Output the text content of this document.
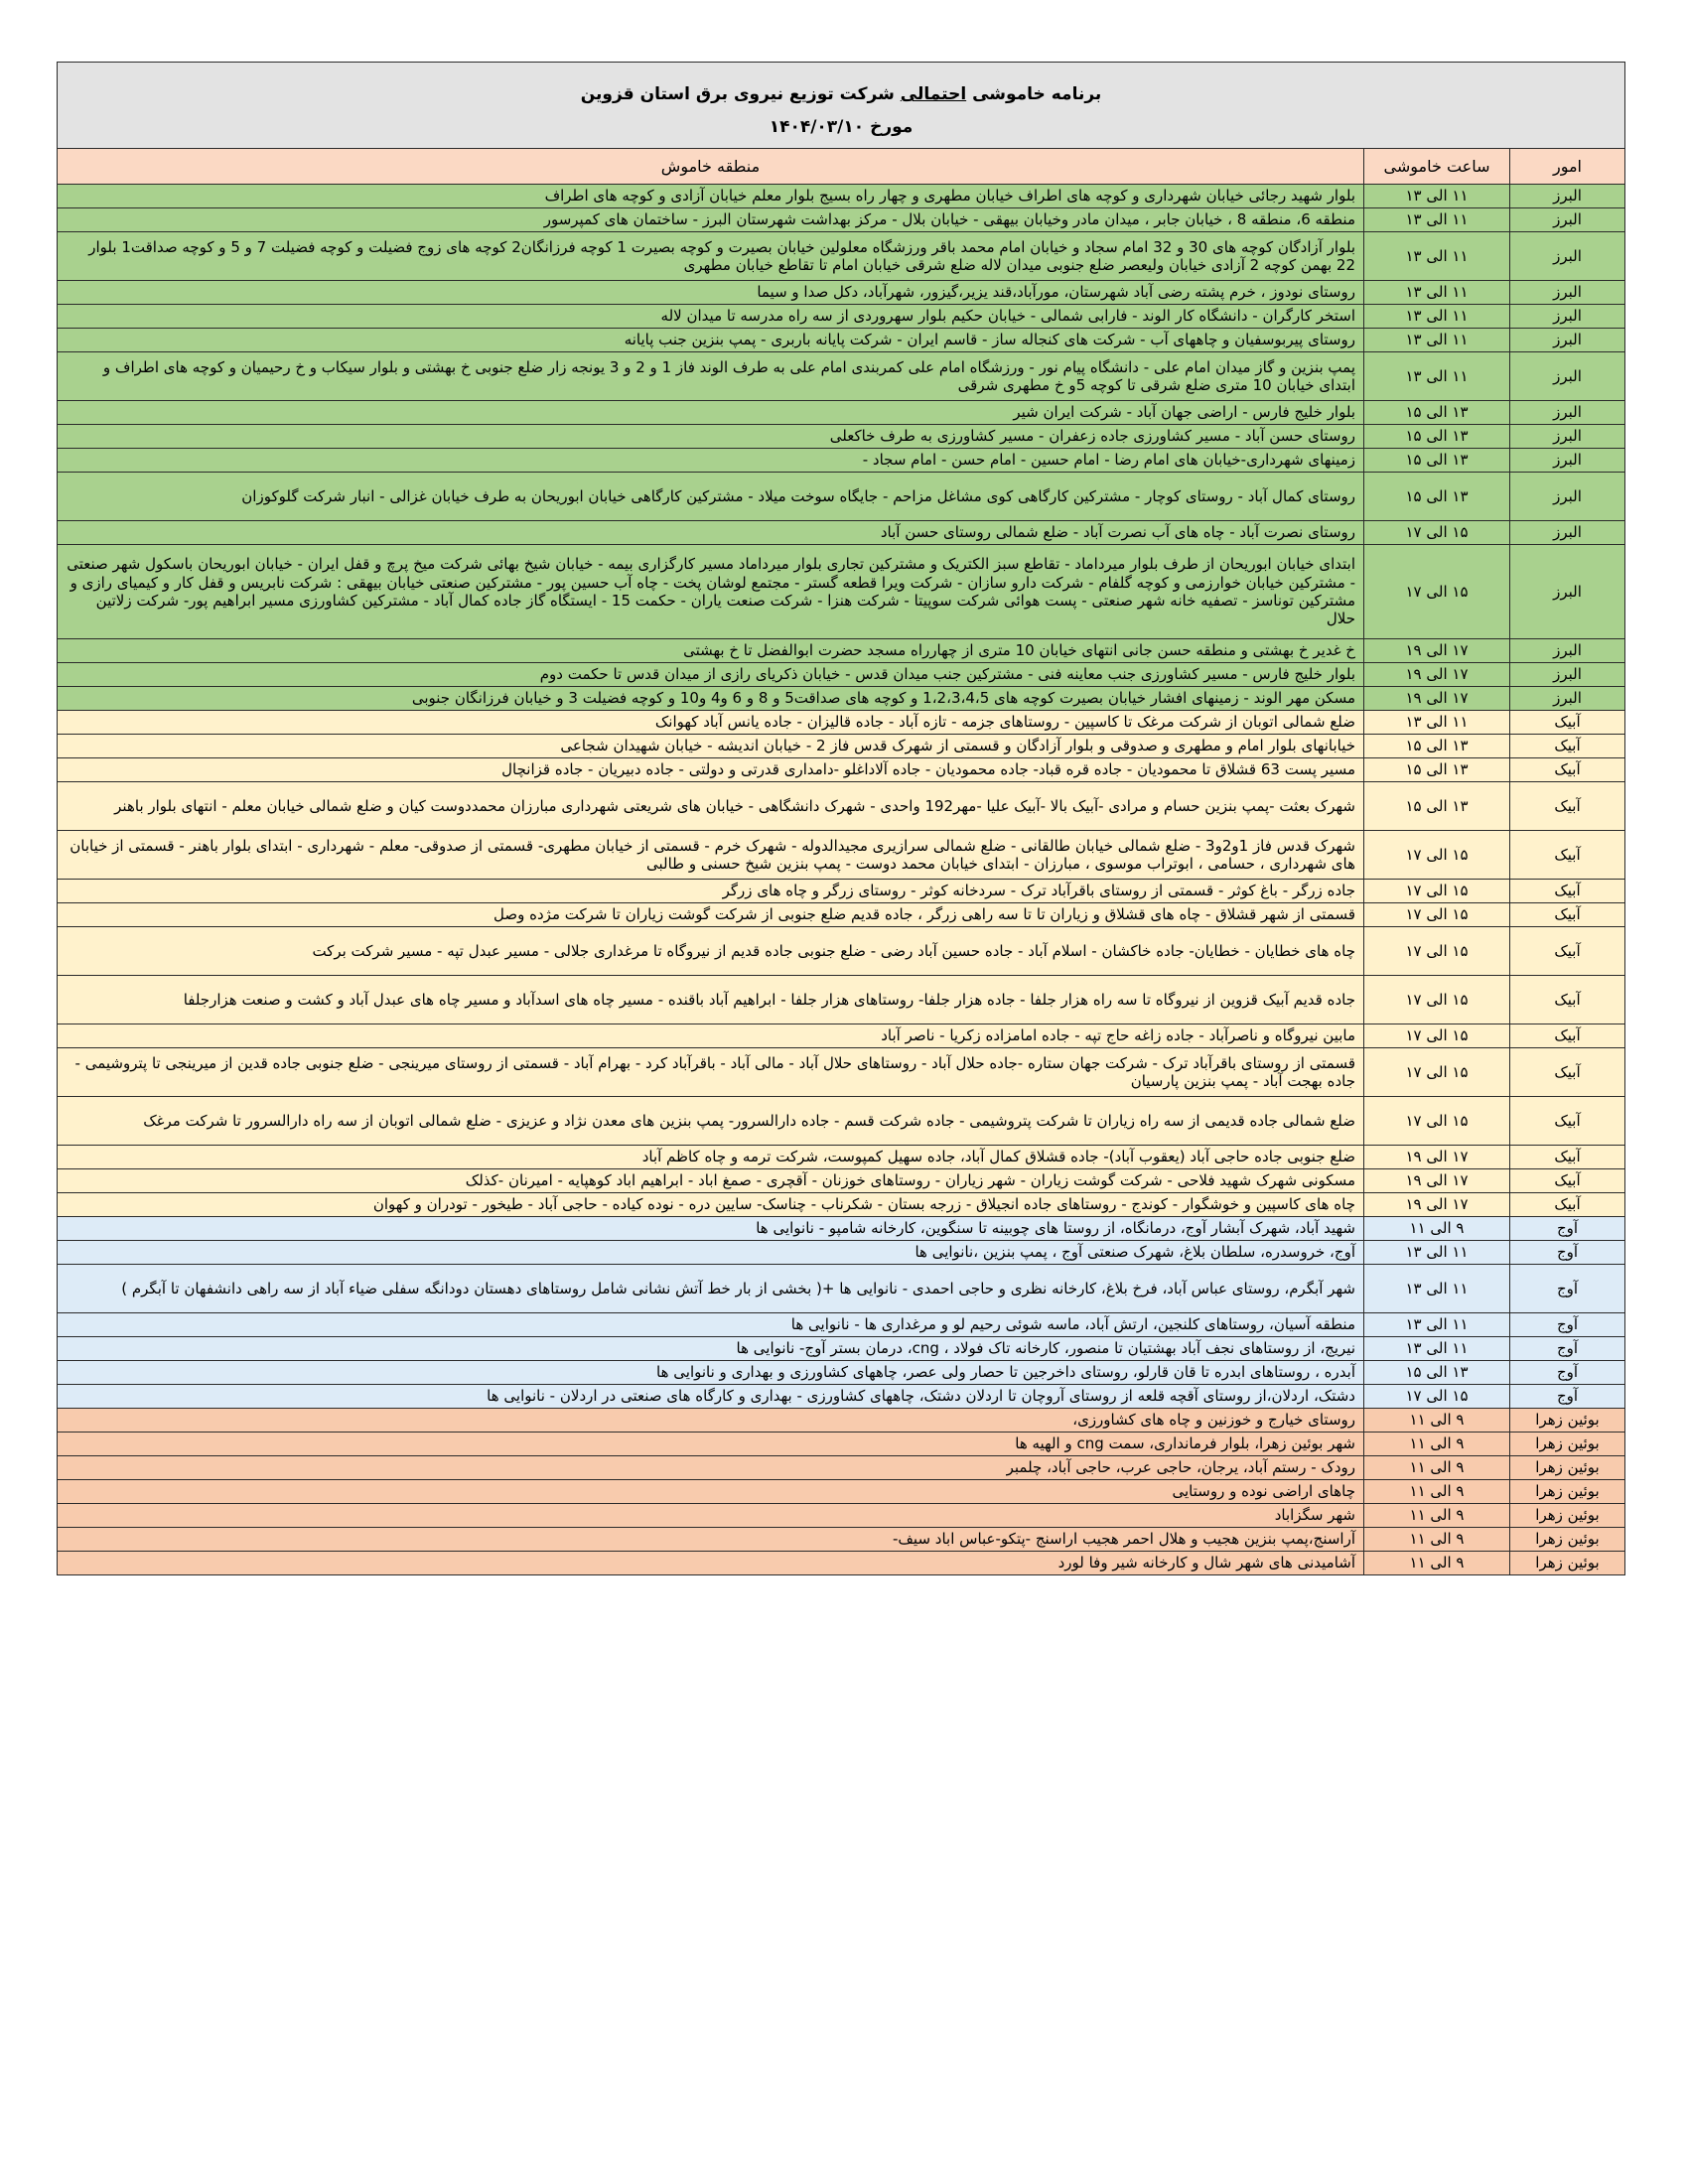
برنامه خاموشی احتمالی شرکت توزیع نیروی برق استان قزوین
مورخ ۱۴۰۴/۰۳/۱۰		

امور	ساعت خاموشی	منطقه خاموش
البرز	۱۱ الی ۱۳	بلوار شهید رجائی خیابان شهرداری و کوچه های اطراف خیابان مطهری و چهار راه بسیج بلوار معلم خیابان آزادی و کوچه های اطراف
البرز	۱۱ الی ۱۳	منطقه 6، منطقه 8 ، خیابان جابر ، میدان مادر وخیابان بیهقی - خیابان بلال - مرکز بهداشت شهرستان البرز - ساختمان های کمپرسور
البرز	۱۱ الی ۱۳	بلوار آزادگان کوچه های 30 و 32 امام سجاد و خیابان امام محمد باقر ورزشگاه معلولین خیابان بصیرت و کوچه بصیرت 1 کوچه فرزانگان2 کوچه های زوج فضیلت و کوچه فضیلت 7 و 5 و کوچه صداقت1 بلوار 22 بهمن کوچه 2 آزادی خیابان ولیعصر ضلع جنوبی میدان لاله ضلع شرقی خیابان امام تا تقاطع خیابان مطهری
البرز	۱۱ الی ۱۳	روستای نودوز ، خرم پشته رضی آباد شهرستان، مورآباد،قند یزیر،گیزور، شهرآباد، دکل صدا و سیما
البرز	۱۱ الی ۱۳	استخر کارگران - دانشگاه کار الوند - فارابی شمالی - خیابان حکیم بلوار سهروردی از سه راه مدرسه تا میدان لاله
البرز	۱۱ الی ۱۳	روستای پیربوسفیان و چاههای آب - شرکت های کنجاله ساز - قاسم ایران - شرکت پایانه باربری - پمپ بنزین جنب پایانه
البرز	۱۱ الی ۱۳	پمپ بنزین و گاز میدان امام علی - دانشگاه پیام نور - ورزشگاه امام علی کمربندی امام علی به طرف الوند فاز 1 و 2 و 3 یونجه زار ضلع جنوبی خ بهشتی و بلوار سیکاب و خ رحیمیان و کوچه های اطراف و ابتدای خیابان 10 متری ضلع شرقی تا کوچه 5و خ مطهری شرقی
البرز	۱۳ الی ۱۵	بلوار خلیج فارس - اراضی جهان آباد - شرکت ایران شیر
البرز	۱۳ الی ۱۵	روستای حسن آباد - مسیر کشاورزی جاده زعفران - مسیر کشاورزی به طرف خاکعلی
البرز	۱۳ الی ۱۵	زمینهای شهرداری-خیابان های امام رضا - امام حسین - امام حسن - امام سجاد -
البرز	۱۳ الی ۱۵	روستای کمال آباد - روستای کوچار - مشترکین کارگاهی کوی مشاغل مزاحم - جایگاه سوخت میلاد - مشترکین کارگاهی خیابان ابوریحان به طرف خیابان غزالی - انبار شرکت گلوکوزان
البرز	۱۵ الی ۱۷	روستای نصرت آباد - چاه های آب نصرت آباد - ضلع شمالی روستای حسن آباد
البرز	۱۵ الی ۱۷	ابتدای خیابان ابوریحان از طرف بلوار میرداماد - تقاطع سبز الکتریک و مشترکین تجاری بلوار میرداماد مسیر کارگزاری بیمه - خیابان شیخ بهائی شرکت میخ پرچ و قفل ایران - خیابان ابوریحان باسکول شهر صنعتی - مشترکین خیابان خوارزمی و کوچه گلفام - شرکت دارو سازان - شرکت ویرا قطعه گستر - مجتمع لوشان پخت - چاه آب حسین پور - مشترکین صنعتی خیابان بیهقی : شرکت نابریس و قفل کار و کیمیای رازی و مشترکین توناسز - تصفیه خانه شهر صنعتی - پست هوائی شرکت سوپیتا - شرکت هنزا - شرکت صنعت یاران - حکمت 15 - ایستگاه گاز جاده کمال آباد - مشترکین کشاورزی مسیر ابراهیم پور- شرکت زلاتین حلال
البرز	۱۷ الی ۱۹	خ غدیر خ بهشتی و منطقه حسن جانی انتهای خیابان 10 متری از چهارراه مسجد حضرت ابوالفضل تا خ بهشتی
البرز	۱۷ الی ۱۹	بلوار خلیج فارس - مسیر کشاورزی جنب معاینه فنی - مشترکین جنب میدان قدس - خیابان ذکریای رازی از میدان قدس تا حکمت دوم
البرز	۱۷ الی ۱۹	مسکن مهر الوند - زمینهای افشار خیابان بصیرت کوچه های 1،2،3،4،5 و کوچه های صداقت5 و 8 و 6 و4 و10 و کوچه فضیلت 3 و خیابان فرزانگان جنوبی
آبیک	۱۱ الی ۱۳	ضلع شمالی اتوبان از شرکت مرغک تا کاسپین - روستاهای جزمه - تازه آباد - جاده قالیزان - جاده یانس آباد کهوانک
آبیک	۱۳ الی ۱۵	خیابانهای بلوار امام و مطهری و صدوقی و بلوار آزادگان و قسمتی از شهرک قدس فاز 2 - خیابان اندیشه - خیابان شهیدان شجاعی
آبیک	۱۳ الی ۱۵	مسیر پست 63 قشلاق تا محمودیان - جاده قره قباد- جاده محمودیان - جاده آلاداغلو -دامداری قدرتی و دولتی - جاده دبیریان - جاده قزانچال
آبیک	۱۳ الی ۱۵	شهرک بعثت -پمپ بنزین حسام و مرادی -آبیک بالا -آبیک علیا -مهر192 واحدی - شهرک دانشگاهی - خیابان های شریعتی شهرداری مبارزان محمددوست کیان و ضلع شمالی خیابان معلم - انتهای بلوار باهنر
آبیک	۱۵ الی ۱۷	شهرک قدس فاز 1و2و3 - ضلع شمالی خیابان طالقانی - ضلع شمالی سرازیری مجیدالدوله - شهرک خرم - قسمتی از خیابان مطهری- قسمتی از صدوقی- معلم - شهرداری - ابتدای بلوار باهنر - قسمتی از خیابان های شهرداری ، حسامی ، ابوتراب موسوی ، مبارزان - ابتدای خیابان محمد دوست - پمپ بنزین شیخ حسنی و طالبی
آبیک	۱۵ الی ۱۷	جاده زرگر - باغ کوثر - قسمتی از روستای باقرآباد ترک - سردخانه کوثر - روستای زرگر و چاه های زرگر
آبیک	۱۵ الی ۱۷	قسمتی از شهر قشلاق - چاه های قشلاق و زیاران تا تا سه راهی زرگر ، جاده قدیم ضلع جنوبی از شرکت گوشت زیاران تا شرکت مژده وصل
آبیک	۱۵ الی ۱۷	چاه های خطایان - خطایان- جاده خاکشان - اسلام آباد - جاده حسین آباد رضی - ضلع جنوبی جاده قدیم از نیروگاه تا مرغداری جلالی - مسیر عبدل تپه - مسیر شرکت برکت
آبیک	۱۵ الی ۱۷	جاده قدیم آبیک قزوین از نیروگاه تا سه راه هزار جلفا - جاده هزار جلفا- روستاهای هزار جلفا - ابراهیم آباد باقنده - مسیر چاه های اسدآباد و مسیر چاه های عبدل آباد و کشت و صنعت هزارجلفا
آبیک	۱۵ الی ۱۷	مابین نیروگاه و ناصرآباد - جاده زاغه حاج تپه - جاده امامزاده زکریا - ناصر آباد
آبیک	۱۵ الی ۱۷	قسمتی از روستای باقرآباد ترک - شرکت جهان ستاره -جاده حلال آباد - روستاهای حلال آباد - مالی آباد - باقرآباد کرد - بهرام آباد - قسمتی از روستای میرینجی - ضلع جنوبی جاده قدین از میرینجی تا پتروشیمی - جاده بهجت آباد - پمپ بنزین پارسیان
آبیک	۱۵ الی ۱۷	ضلع شمالی جاده قدیمی از سه راه زیاران تا شرکت پتروشیمی - جاده شرکت قسم - جاده دارالسرور- پمپ بنزین های معدن نژاد و عزیزی - ضلع شمالی اتوبان از سه راه دارالسرور تا شرکت مرغک
آبیک	۱۷ الی ۱۹	ضلع جنوبی جاده حاجی آباد (یعقوب آباد)- جاده قشلاق کمال آباد، جاده سهیل کمپوست، شرکت ترمه و چاه کاظم آباد
آبیک	۱۷ الی ۱۹	مسکونی شهرک شهید فلاحی - شرکت گوشت زیاران - شهر زیاران - روستاهای خوزنان - آقچری - صمغ اباد - ابراهیم اباد کوهپایه - امیرنان -کذلک
آبیک	۱۷ الی ۱۹	چاه های کاسپین و خوشگوار - کوندج - روستاهای جاده انجیلاق - زرجه بستان - شکرناب - چناسک- سایین دره - نوده کیاده - حاجی آباد - طیخور - تودران و کهوان
آوج	۹ الی ۱۱	شهید آباد، شهرک آبشار آوج، درمانگاه، از روستا های چوبینه تا سنگوین، کارخانه شامپو - نانوایی ها
آوج	۱۱ الی ۱۳	آوج، خروسدره، سلطان بلاغ، شهرک صنعتی آوج ، پمپ بنزین ،نانوایی ها
آوج	۱۱ الی ۱۳	شهر آبگرم، روستای عباس آباد، فرخ بلاغ، کارخانه نظری و حاجی احمدی - نانوایی ها +( بخشی از بار خط آتش نشانی شامل روستاهای دهستان دودانگه سفلی ضیاء آباد از سه راهی دانشفهان تا آبگرم )
آوج	۱۱ الی ۱۳	منطقه آسیان، روستاهای کلنجین، ارتش آباد، ماسه شوئی رحیم لو و مرغداری ها - نانوایی ها
آوج	۱۱ الی ۱۳	نیریج، از روستاهای نجف آباد بهشتیان تا منصور، کارخانه تاک فولاد ، cng، درمان بستر آوج- نانوایی ها
آوج	۱۳ الی ۱۵	آبدره ، روستاهای ابدره تا قان قارلو، روستای داخرجین تا حصار ولی عصر، چاههای کشاورزی و بهداری و نانوایی ها
آوج	۱۵ الی ۱۷	دشتک، اردلان،از روستای آقچه قلعه از روستای آروچان تا اردلان دشتک، چاههای کشاورزی - بهداری و کارگاه های صنعتی در اردلان - نانوایی ها
بوئین زهرا	۹ الی ۱۱	روستای خیارج و خوزنین و چاه های کشاورزی،
بوئین زهرا	۹ الی ۱۱	شهر بوئین زهرا، بلوار فرمانداری، سمت cng و الهیه ها
بوئین زهرا	۹ الی ۱۱	رودک - رستم آباد، یرجان، حاجی عرب، حاجی آباد، چلمبر
بوئین زهرا	۹ الی ۱۱	چاهای اراضی نوده و روستایی
بوئین زهرا	۹ الی ۱۱	شهر سگزاباد
بوئین زهرا	۹ الی ۱۱	آراسنج،پمپ بنزین هجیب و هلال احمر هجیب اراسنج -پتکو-عباس اباد سیف-
بوئین زهرا	۹ الی ۱۱	آشامیدنی های شهر شال و کارخانه شیر وفا لورد
